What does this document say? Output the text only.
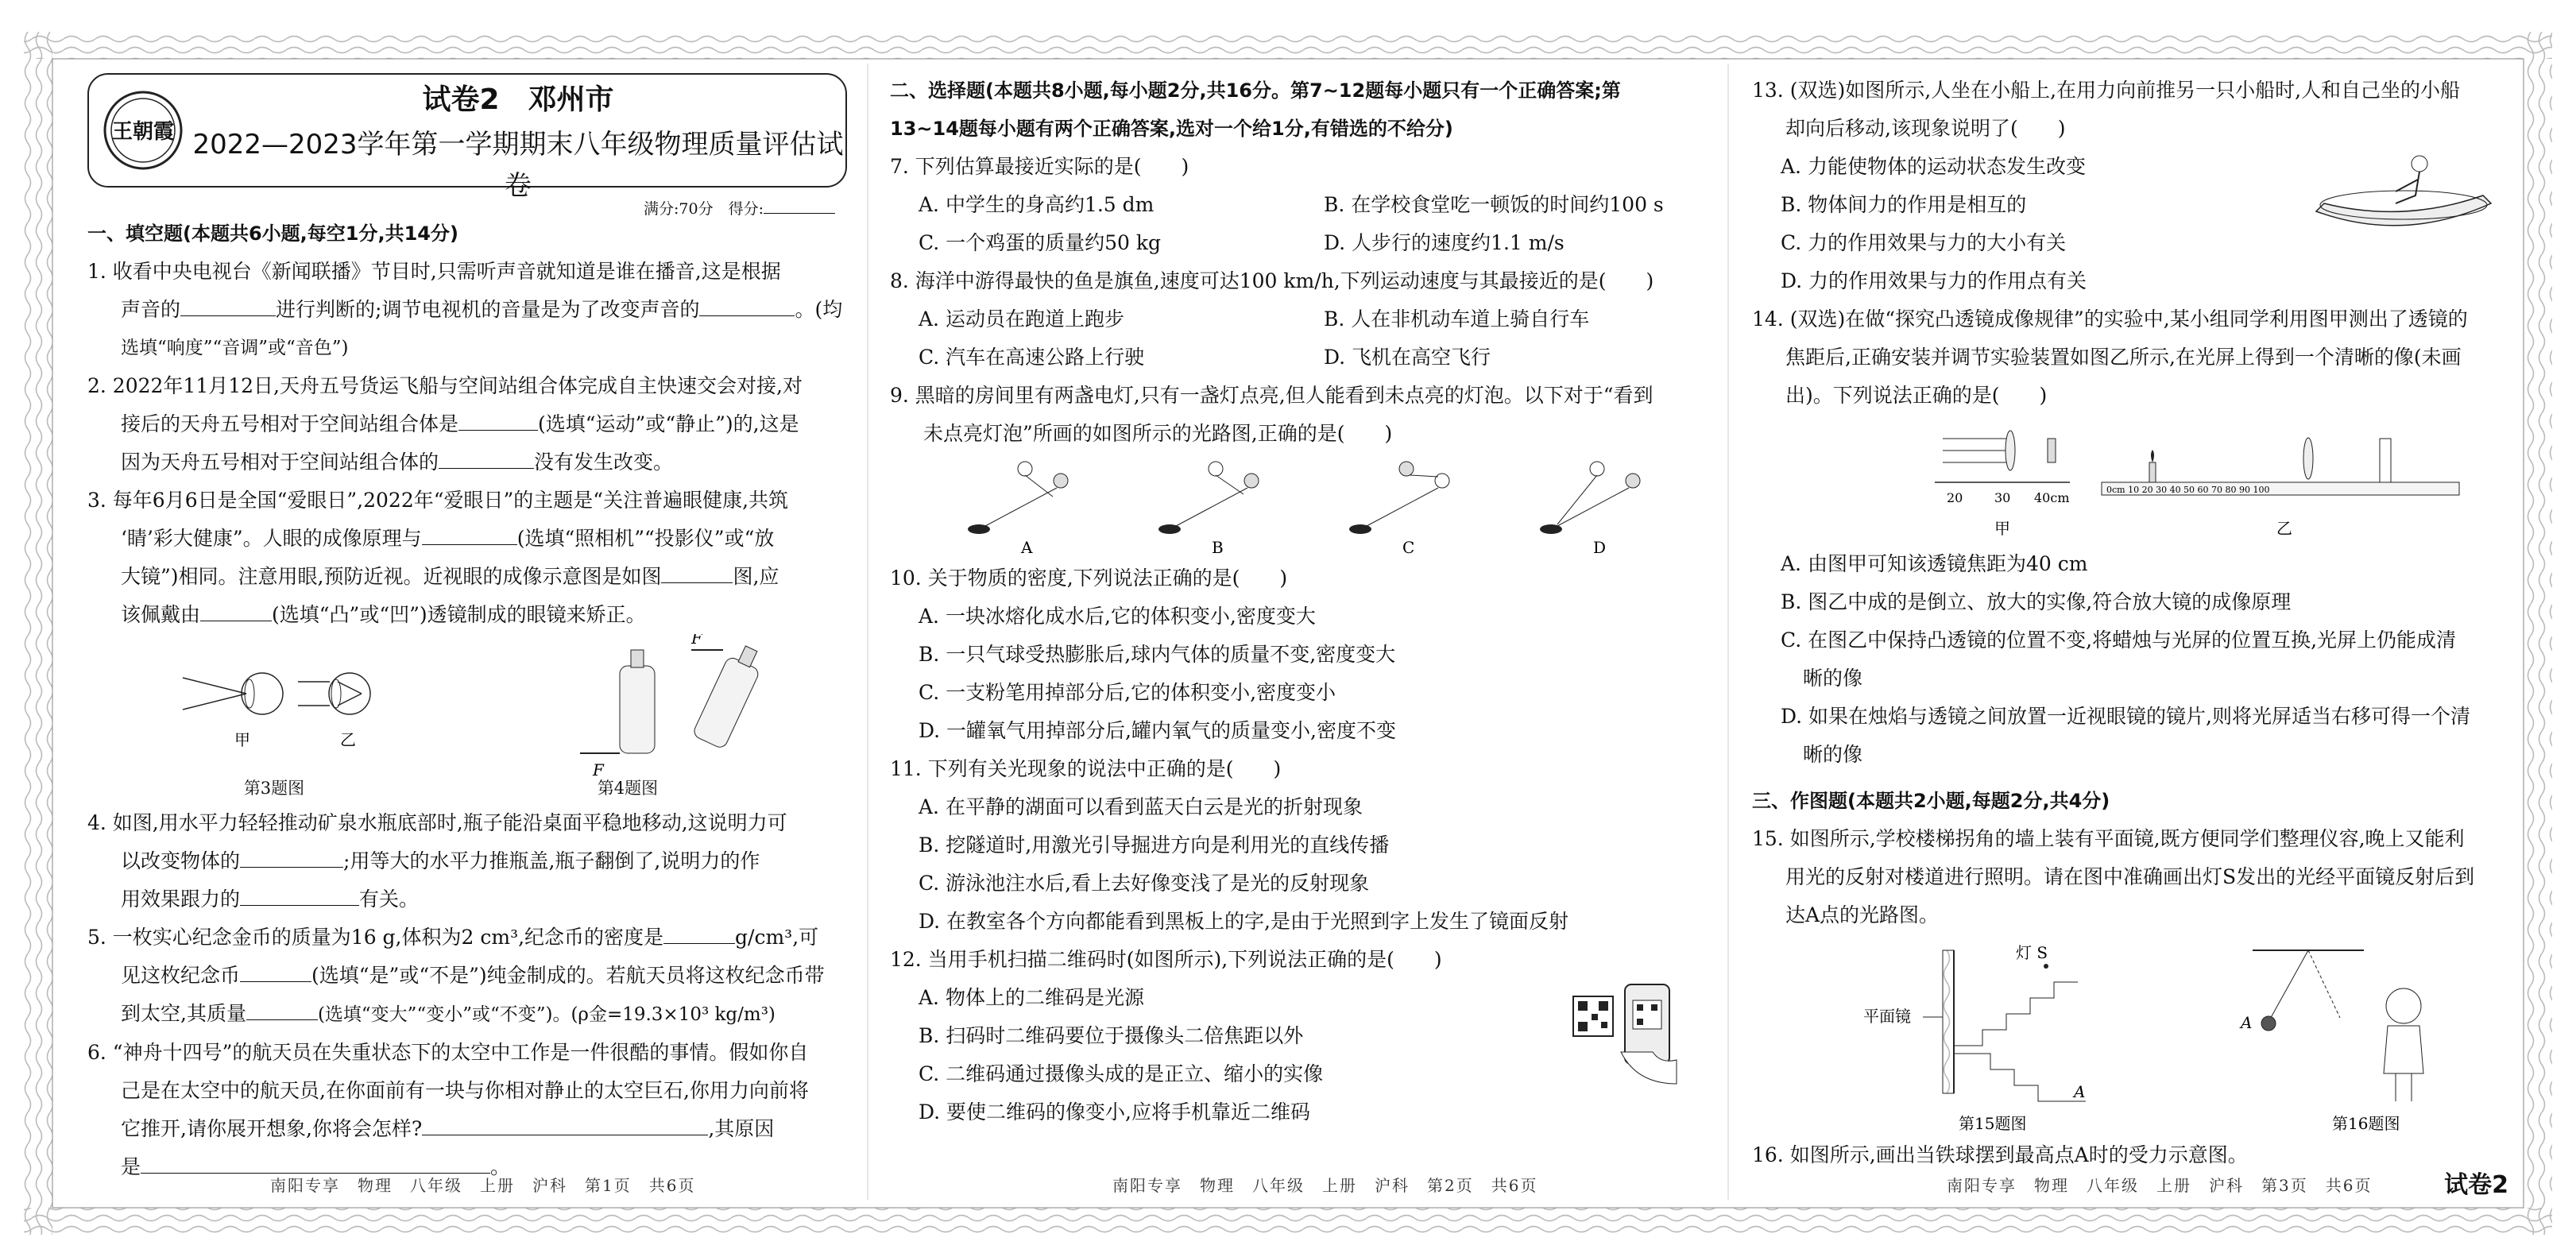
王朝霞
试卷2　邓州市
2022—2023学年第一学期期末八年级物理质量评估试卷
满分:70分　得分:
一、填空题(本题共6小题,每空1分,共14分)
1. 收看中央电视台《新闻联播》节目时,只需听声音就知道是谁在播音,这是根据
声音的	进行判断的;调节电视机的音量是为了改变声音的	。(均
选填“响度”“音调”或“音色”)
2. 2022年11月12日,天舟五号货运飞船与空间站组合体完成自主快速交会对接,对
接后的天舟五号相对于空间站组合体是	(选填“运动”或“静止”)的,这是
因为天舟五号相对于空间站组合体的	没有发生改变。
3. 每年6月6日是全国“爱眼日”,2022年“爱眼日”的主题是“关注普遍眼健康,共筑
‘睛’彩大健康”。人眼的成像原理与	(选填“照相机”“投影仪”或“放
大镜”)相同。注意用眼,预防近视。近视眼的成像示意图是如图	图,应
该佩戴由	(选填“凸”或“凹”)透镜制成的眼镜来矫正。
甲	乙
F
F
第3题图	第4题图
4. 如图,用水平力轻轻推动矿泉水瓶底部时,瓶子能沿桌面平稳地移动,这说明力可
以改变物体的	;用等大的水平力推瓶盖,瓶子翻倒了,说明力的作
用效果跟力的	有关。
5. 一枚实心纪念金币的质量为16 g,体积为2 cm³,纪念币的密度是	g/cm³,可
见这枚纪念币	(选填“是”或“不是”)纯金制成的。若航天员将这枚纪念币带
到太空,其质量	(选填“变大”“变小”或“不变”)。(ρ金=19.3×10³ kg/m³)
6. “神舟十四号”的航天员在失重状态下的太空中工作是一件很酷的事情。假如你自
己是在太空中的航天员,在你面前有一块与你相对静止的太空巨石,你用力向前将
它推开,请你展开想象,你将会怎样?	,其原因
是	。
南阳专享　物理　八年级　上册　沪科　第1页　共6页
二、选择题(本题共8小题,每小题2分,共16分。第7~12题每小题只有一个正确答案;第
13~14题每小题有两个正确答案,选对一个给1分,有错选的不给分)
7. 下列估算最接近实际的是(　　)
A. 中学生的身高约1.5 dm	B. 在学校食堂吃一顿饭的时间约100 s
C. 一个鸡蛋的质量约50 kg	D. 人步行的速度约1.1 m/s
8. 海洋中游得最快的鱼是旗鱼,速度可达100 km/h,下列运动速度与其最接近的是(　　)
A. 运动员在跑道上跑步	B. 人在非机动车道上骑自行车
C. 汽车在高速公路上行驶	D. 飞机在高空飞行
9. 黑暗的房间里有两盏电灯,只有一盏灯点亮,但人能看到未点亮的灯泡。以下对于“看到
未点亮灯泡”所画的如图所示的光路图,正确的是(　　)
A	B	C	D
10. 关于物质的密度,下列说法正确的是(　　)
A. 一块冰熔化成水后,它的体积变小,密度变大
B. 一只气球受热膨胀后,球内气体的质量不变,密度变大
C. 一支粉笔用掉部分后,它的体积变小,密度变小
D. 一罐氧气用掉部分后,罐内氧气的质量变小,密度不变
11. 下列有关光现象的说法中正确的是(　　)
A. 在平静的湖面可以看到蓝天白云是光的折射现象
B. 挖隧道时,用激光引导掘进方向是利用光的直线传播
C. 游泳池注水后,看上去好像变浅了是光的反射现象
D. 在教室各个方向都能看到黑板上的字,是由于光照到字上发生了镜面反射
12. 当用手机扫描二维码时(如图所示),下列说法正确的是(　　)
A. 物体上的二维码是光源
B. 扫码时二维码要位于摄像头二倍焦距以外
C. 二维码通过摄像头成的是正立、缩小的实像
D. 要使二维码的像变小,应将手机靠近二维码
南阳专享　物理　八年级　上册　沪科　第2页　共6页
13. (双选)如图所示,人坐在小船上,在用力向前推另一只小船时,人和自己坐的小船
却向后移动,该现象说明了(　　)
A. 力能使物体的运动状态发生改变
B. 物体间力的作用是相互的
C. 力的作用效果与力的大小有关
D. 力的作用效果与力的作用点有关
14. (双选)在做“探究凸透镜成像规律”的实验中,某小组同学利用图甲测出了透镜的
焦距后,正确安装并调节实验装置如图乙所示,在光屏上得到一个清晰的像(未画
出)。下列说法正确的是(　　)
20 30 40cm
甲
0cm 10 20 30 40 50 60 70 80 90 100
乙
A. 由图甲可知该透镜焦距为40 cm
B. 图乙中成的是倒立、放大的实像,符合放大镜的成像原理
C. 在图乙中保持凸透镜的位置不变,将蜡烛与光屏的位置互换,光屏上仍能成清
晰的像
D. 如果在烛焰与透镜之间放置一近视眼镜的镜片,则将光屏适当右移可得一个清
晰的像
三、作图题(本题共2小题,每题2分,共4分)
15. 如图所示,学校楼梯拐角的墙上装有平面镜,既方便同学们整理仪容,晚上又能利
用光的反射对楼道进行照明。请在图中准确画出灯S发出的光经平面镜反射后到
达A点的光路图。
灯 S
平面镜
A
第15题图
A
第16题图
16. 如图所示,画出当铁球摆到最高点A时的受力示意图。
南阳专享　物理　八年级　上册　沪科　第3页　共6页	试卷2
